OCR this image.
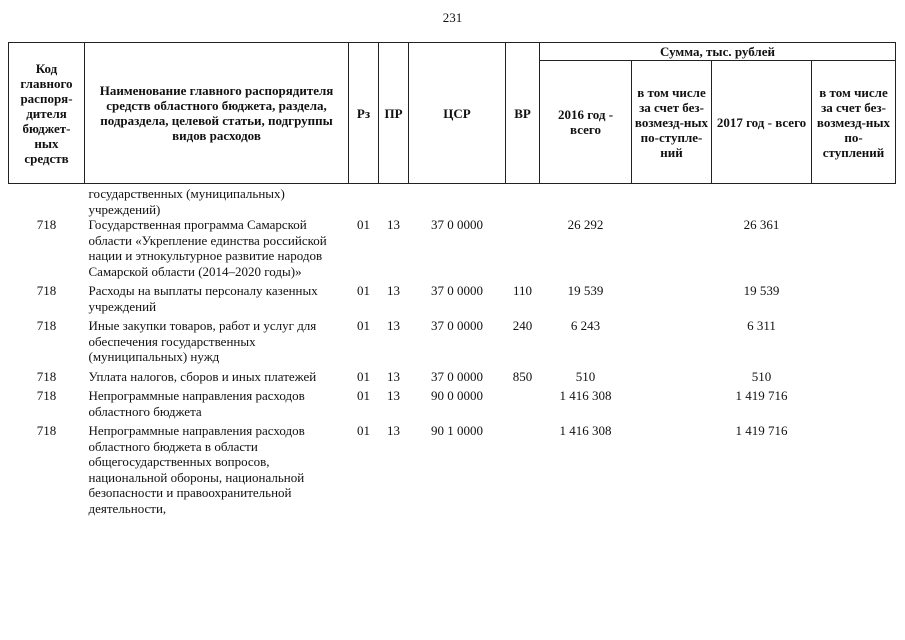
231
Код главного распоря-дителя бюджет-ных средств	Наименование главного распорядителя средств областного бюджета, раздела, подраздела, целевой статьи, подгруппы видов расходов	Рз	ПР	ЦСР	ВР	Сумма, тыс. рублей			
						2016 год - всего	в том числе за счет без-возмезд-ных по-ступле-ний	2017 год - всего	в том числе за счет без-возмезд-ных по-ступлений
	государственных (муниципальных) учреждений)								
718	Государственная программа Самарской области «Укрепление единства российской нации и этнокультурное развитие народов Самарской области (2014–2020 годы)»	01	13	37 0 0000		26 292		26 361	
718	Расходы на выплаты персоналу казенных учреждений	01	13	37 0 0000	110	19 539		19 539	
718	Иные закупки товаров, работ и услуг для обеспечения государственных (муниципальных) нужд	01	13	37 0 0000	240	6 243		6 311	
718	Уплата налогов, сборов и иных платежей	01	13	37 0 0000	850	510		510	
718	Непрограммные направления расходов областного бюджета	01	13	90 0 0000		1 416 308		1 419 716	
718	Непрограммные направления расходов областного бюджета в области общегосударственных вопросов, национальной обороны, национальной безопасности и правоохранительной деятельности,	01	13	90 1 0000		1 416 308		1 419 716	
